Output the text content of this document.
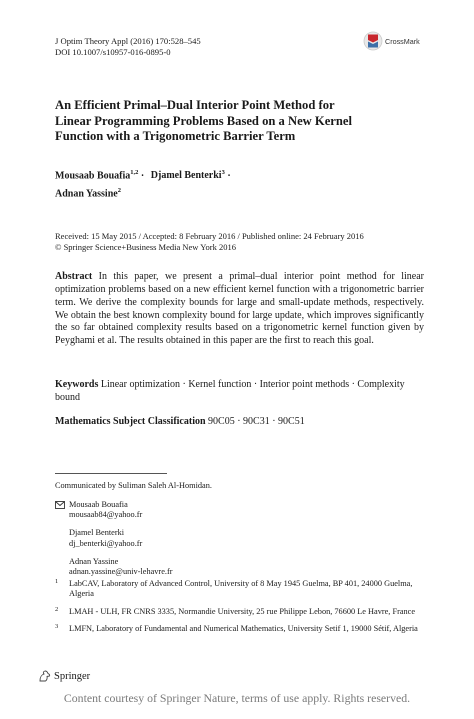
J Optim Theory Appl (2016) 170:528–545
DOI 10.1007/s10957-016-0895-0
CrossMark
An Efficient Primal–Dual Interior Point Method for
Linear Programming Problems Based on a New Kernel
Function with a Trigonometric Barrier Term
Mousaab Bouafia$^{1,2}$ · Djamel Benterki$^3$ ·
Adnan Yassine$^2$
Received: 15 May 2015 / Accepted: 8 February 2016 / Published online: 24 February 2016
© Springer Science+Business Media New York 2016

Abstract In this paper, we present a primal–dual interior point method for linear optimization problems based on a new efficient kernel function with a trigonometric barrier term. We derive the complexity bounds for large and small-update methods, respectively. We obtain the best known complexity bound for large update, which improves significantly the so far obtained complexity results based on a trigonometric kernel function given by Peyghami et al. The results obtained in this paper are the first to reach this goal.

Keywords Linear optimization · Kernel function · Interior point methods · Complexity bound
Mathematics Subject Classification 90C05 · 90C31 · 90C51
Communicated by Suliman Saleh Al-Homidan.
Mousaab Bouafia
mousaab84@yahoo.fr
Djamel Benterki
dj_benterki@yahoo.fr
Adnan Yassine
adnan.yassine@univ-lehavre.fr
1 LabCAV, Laboratory of Advanced Control, University of 8 May 1945 Guelma, BP 401, 24000 Guelma, Algeria
2 LMAH - ULH, FR CNRS 3335, Normandie University, 25 rue Philippe Lebon, 76600 Le Havre, France
3 LMFN, Laboratory of Fundamental and Numerical Mathematics, University Setif 1, 19000 Sétif, Algeria
Springer
Content courtesy of Springer Nature, terms of use apply. Rights reserved.
